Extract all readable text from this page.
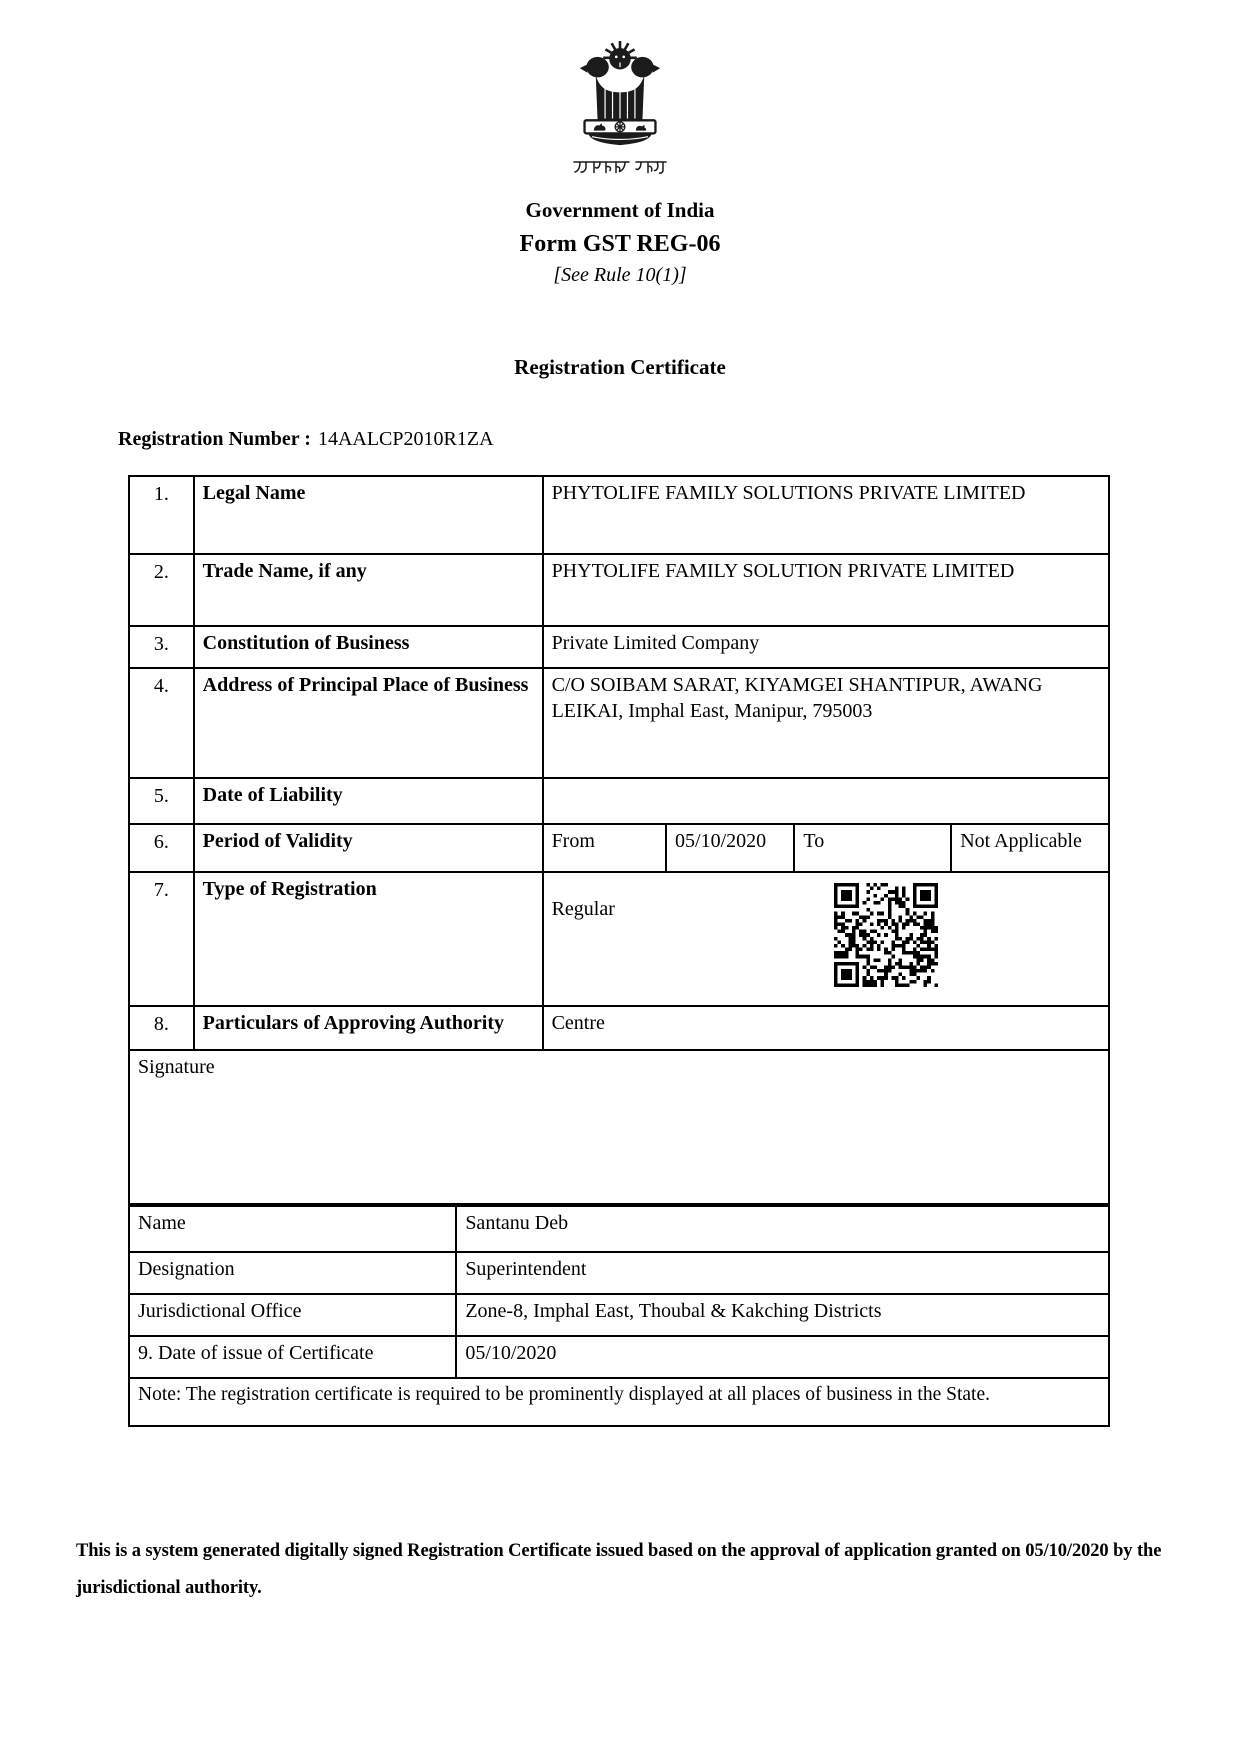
Government of India
Form GST REG-06
[See Rule 10(1)]
Registration Certificate
Registration Number : 14AALCP2010R1ZA
1.	Legal Name	PHYTOLIFE FAMILY SOLUTIONS PRIVATE LIMITED			
2.	Trade Name, if any	PHYTOLIFE FAMILY SOLUTION PRIVATE LIMITED			
3.	Constitution of Business	Private Limited Company			
4.	Address of Principal Place of Business	C/O SOIBAM SARAT, KIYAMGEI SHANTIPUR, AWANG LEIKAI, Imphal East, Manipur, 795003			
5.	Date of Liability				
6.	Period of Validity	From	05/10/2020	To	Not Applicable
7.	Type of Registration	Regular			

8.	Particulars of Approving Authority	Centre			
Signature					
Name	Santanu Deb
Designation	Superintendent
Jurisdictional Office	Zone-8, Imphal East, Thoubal & Kakching Districts
9. Date of issue of Certificate	05/10/2020
Note: The registration certificate is required to be prominently displayed at all places of business in the State.	
This is a system generated digitally signed Registration Certificate issued based on the approval of application granted on 05/10/2020 by the jurisdictional authority.
